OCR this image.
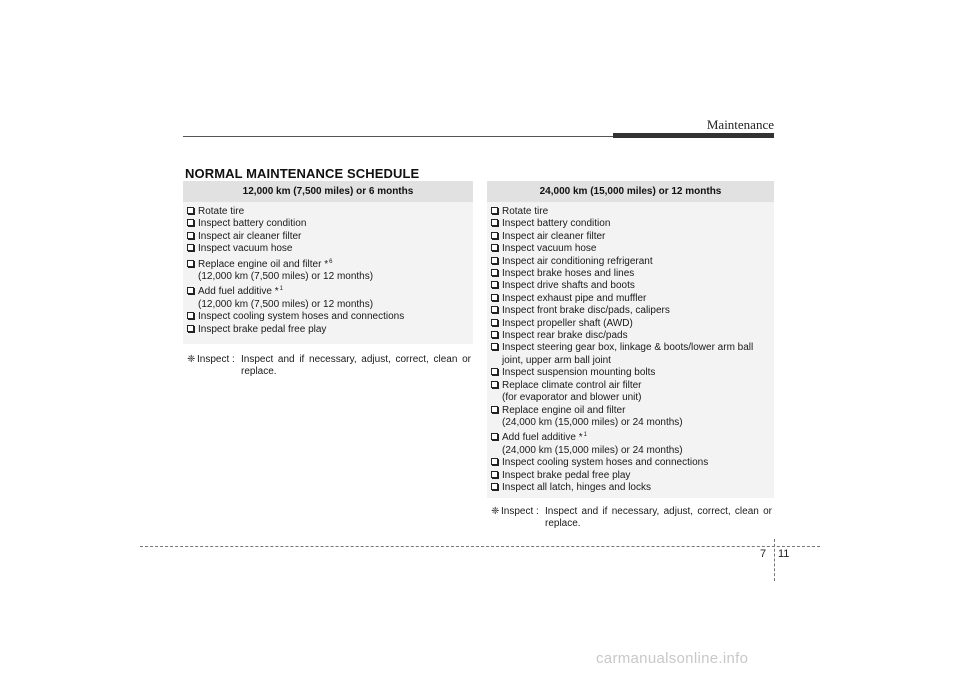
Maintenance
NORMAL MAINTENANCE SCHEDULE
12,000 km (7,500 miles) or 6 months
Rotate tire
Inspect battery condition
Inspect air cleaner filter
Inspect vacuum hose
Replace engine oil and filter *$^6$
(12,000 km (7,500 miles) or 12 months)
Add fuel additive *$^1$
(12,000 km (7,500 miles) or 12 months)
Inspect cooling system hoses and connections
Inspect brake pedal free play
❈ Inspect : Inspect and if necessary, adjust, correct, clean or
replace.
24,000 km (15,000 miles) or 12 months
Rotate tire
Inspect battery condition
Inspect air cleaner filter
Inspect vacuum hose
Inspect air conditioning refrigerant
Inspect brake hoses and lines
Inspect drive shafts and boots
Inspect exhaust pipe and muffler
Inspect front brake disc/pads, calipers
Inspect propeller shaft (AWD)
Inspect rear brake disc/pads
Inspect steering gear box, linkage & boots/lower arm ball
joint, upper arm ball joint
Inspect suspension mounting bolts
Replace climate control air filter
(for evaporator and blower unit)
Replace engine oil and filter
(24,000 km (15,000 miles) or 24 months)
Add fuel additive *$^1$
(24,000 km (15,000 miles) or 24 months)
Inspect cooling system hoses and connections
Inspect brake pedal free play
Inspect all latch, hinges and locks
❈ Inspect : Inspect and if necessary, adjust, correct, clean or
replace.
7 11
carmanualsonline.info
